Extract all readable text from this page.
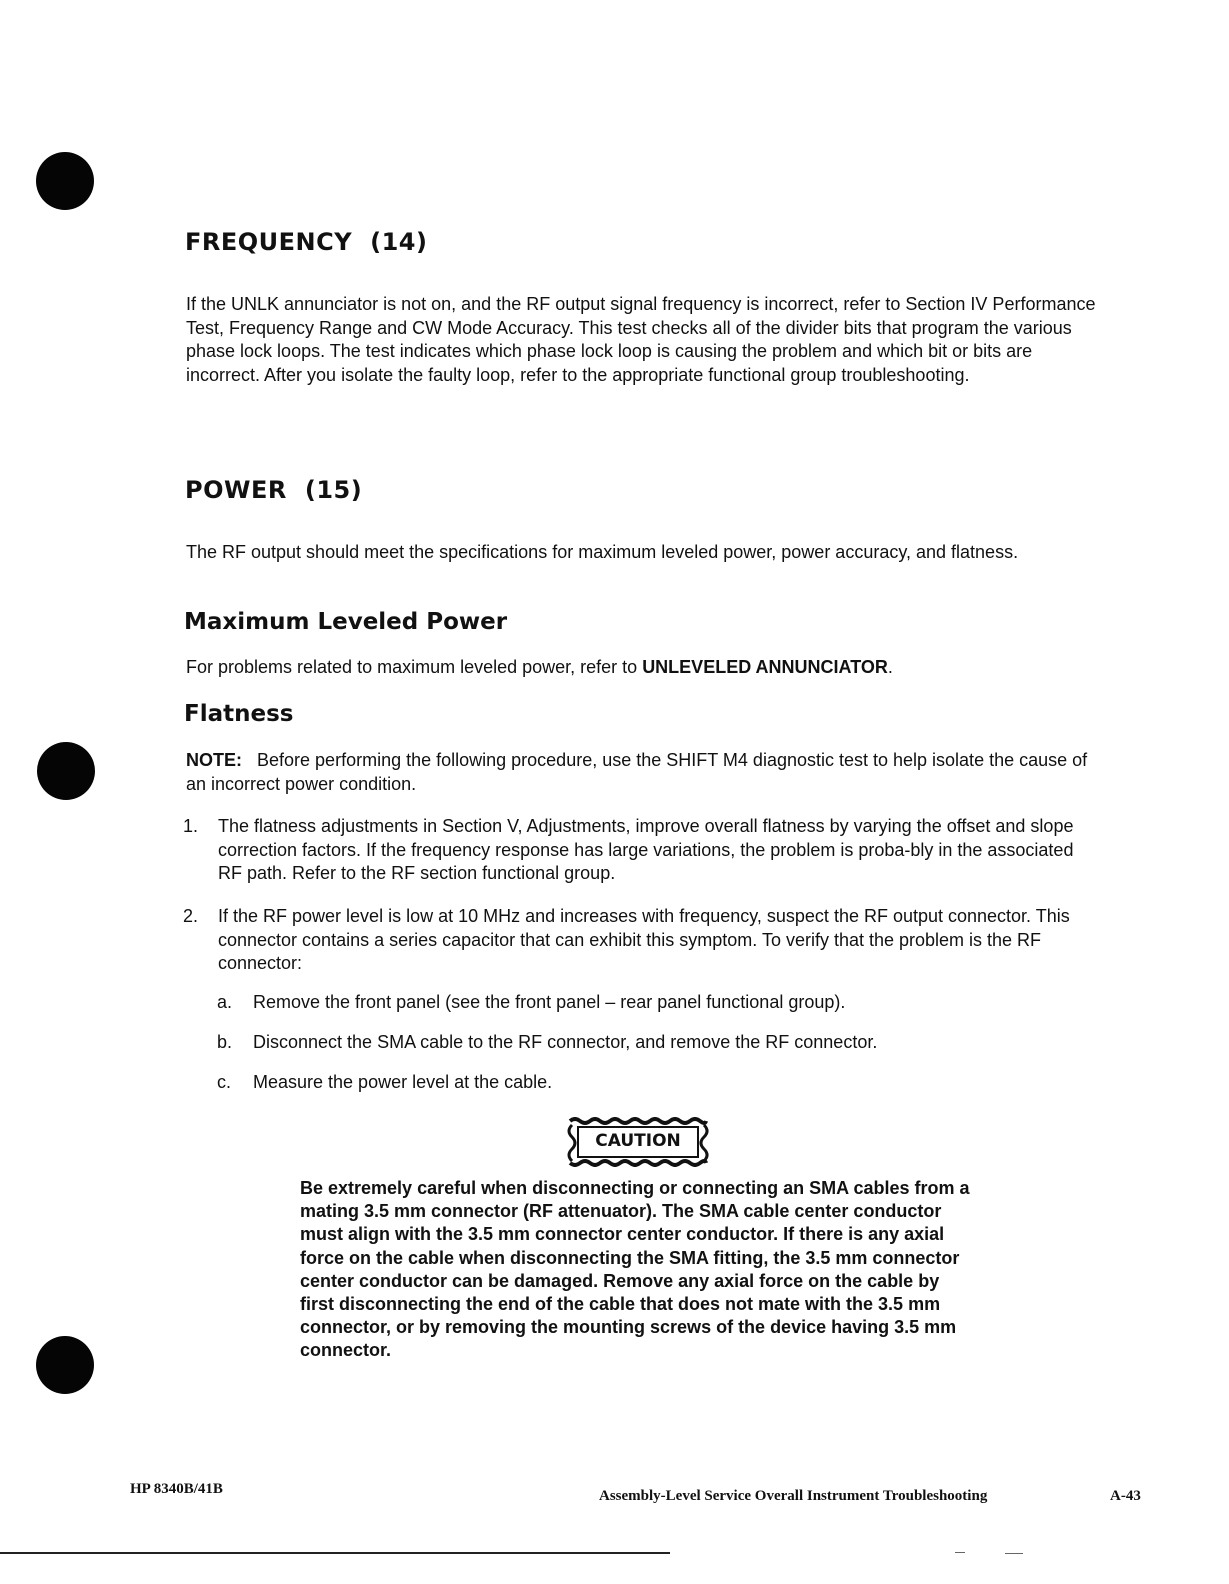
FREQUENCY (14)

If the UNLK annunciator is not on, and the RF output signal frequency is incorrect, refer to Section IV Performance Test, Frequency Range and CW Mode Accuracy. This test checks all of the divider bits that program the various phase lock loops. The test indicates which phase lock loop is causing the problem and which bit or bits are incorrect. After you isolate the faulty loop, refer to the appropriate functional group troubleshooting.

POWER (15)

The RF output should meet the specifications for maximum leveled power, power accuracy, and flatness.

Maximum Leveled Power

For problems related to maximum leveled power, refer to UNLEVELED ANNUNCIATOR.

Flatness

NOTE: Before performing the following procedure, use the SHIFT M4 diagnostic test to help isolate the cause of an incorrect power condition.

1. The flatness adjustments in Section V, Adjustments, improve overall flatness by varying the offset and slope correction factors. If the frequency response has large variations, the problem is proba-bly in the associated RF path. Refer to the RF section functional group.
2. If the RF power level is low at 10 MHz and increases with frequency, suspect the RF output connector. This connector contains a series capacitor that can exhibit this symptom. To verify that the problem is the RF connector:
a. Remove the front panel (see the front panel – rear panel functional group).
b. Disconnect the SMA cable to the RF connector, and remove the RF connector.
c. Measure the power level at the cable.
CAUTION

Be extremely careful when disconnecting or connecting an SMA cables from a mating 3.5 mm connector (RF attenuator). The SMA cable center conductor must align with the 3.5 mm connector center conductor. If there is any axial force on the cable when disconnecting the SMA fitting, the 3.5 mm connector center conductor can be damaged. Remove any axial force on the cable by first disconnecting the end of the cable that does not mate with the 3.5 mm connector, or by removing the mounting screws of the device having 3.5 mm connector.

HP 8340B/41B	Assembly-Level Service Overall Instrument Troubleshooting	A-43
